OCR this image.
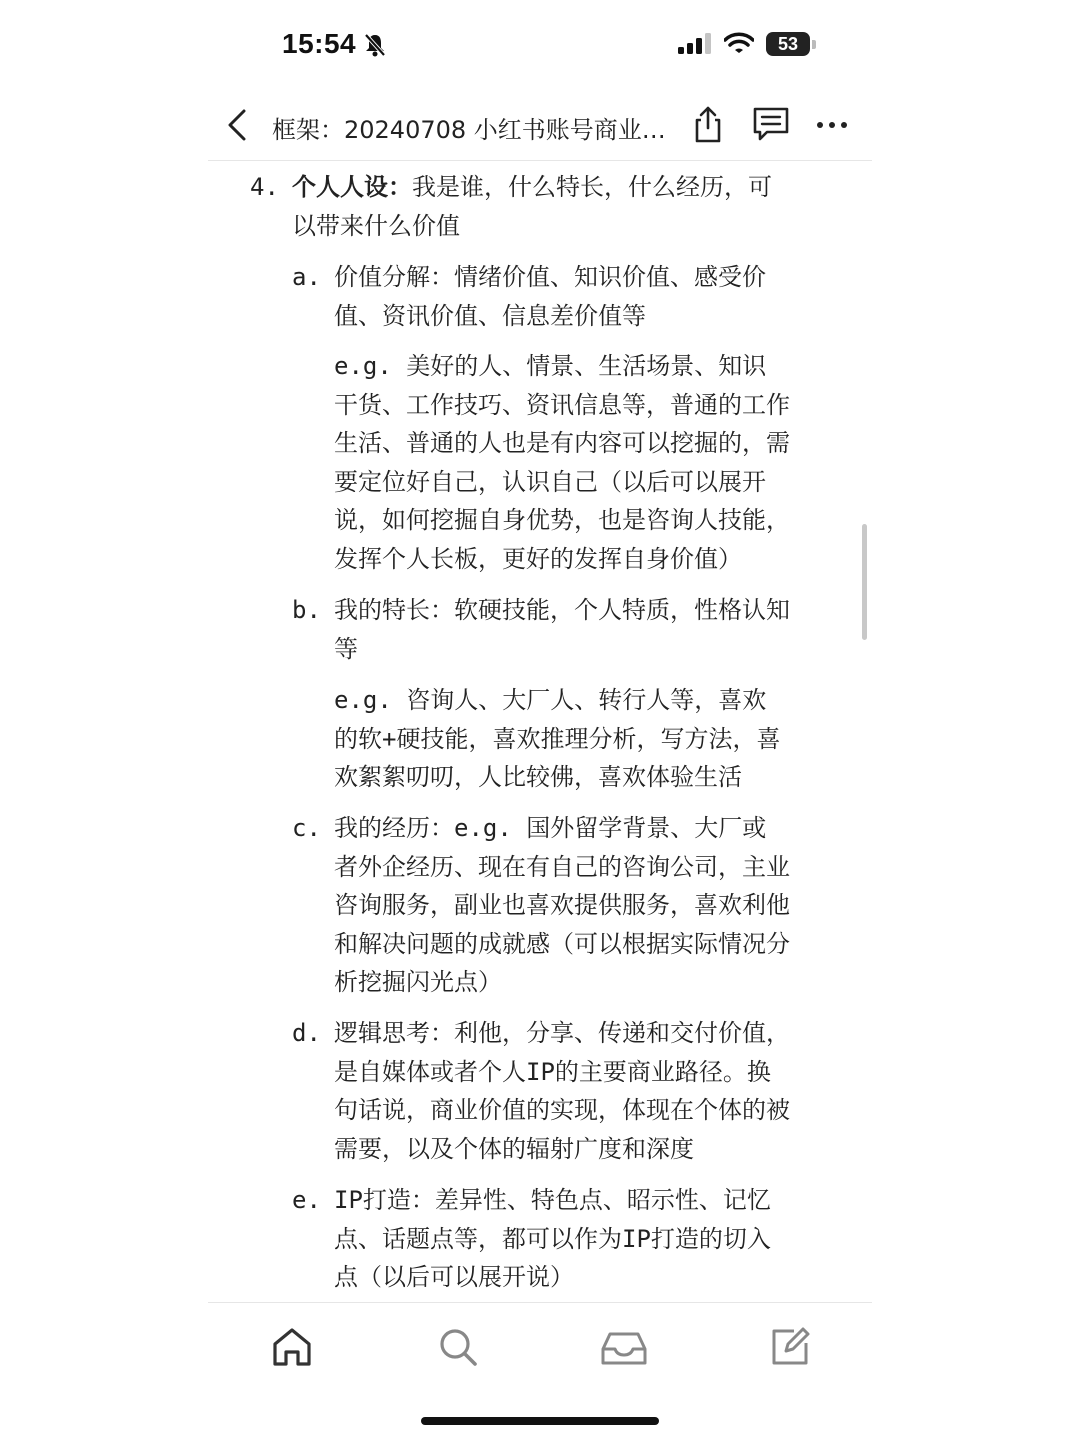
15:54	53
框架：20240708 小红书账号商业…
4. 个人人设：我是谁，什么特长，什么经历，可
以带来什么价值
a. 价值分解：情绪价值、知识价值、感受价
值、资讯价值、信息差价值等
e.g. 美好的人、情景、生活场景、知识
干货、工作技巧、资讯信息等，普通的工作
生活、普通的人也是有内容可以挖掘的，需
要定位好自己，认识自己（以后可以展开
说，如何挖掘自身优势，也是咨询人技能，
发挥个人长板，更好的发挥自身价值）
b. 我的特长：软硬技能，个人特质，性格认知
等
e.g. 咨询人、大厂人、转行人等，喜欢
的软+硬技能，喜欢推理分析，写方法，喜
欢絮絮叨叨，人比较佛，喜欢体验生活
c. 我的经历：e.g. 国外留学背景、大厂或
者外企经历、现在有自己的咨询公司，主业
咨询服务，副业也喜欢提供服务，喜欢利他
和解决问题的成就感（可以根据实际情况分
析挖掘闪光点）
d. 逻辑思考：利他，分享、传递和交付价值，
是自媒体或者个人IP的主要商业路径。换
句话说，商业价值的实现，体现在个体的被
需要，以及个体的辐射广度和深度
e. IP打造：差异性、特色点、昭示性、记忆
点、话题点等，都可以作为IP打造的切入
点（以后可以展开说）
